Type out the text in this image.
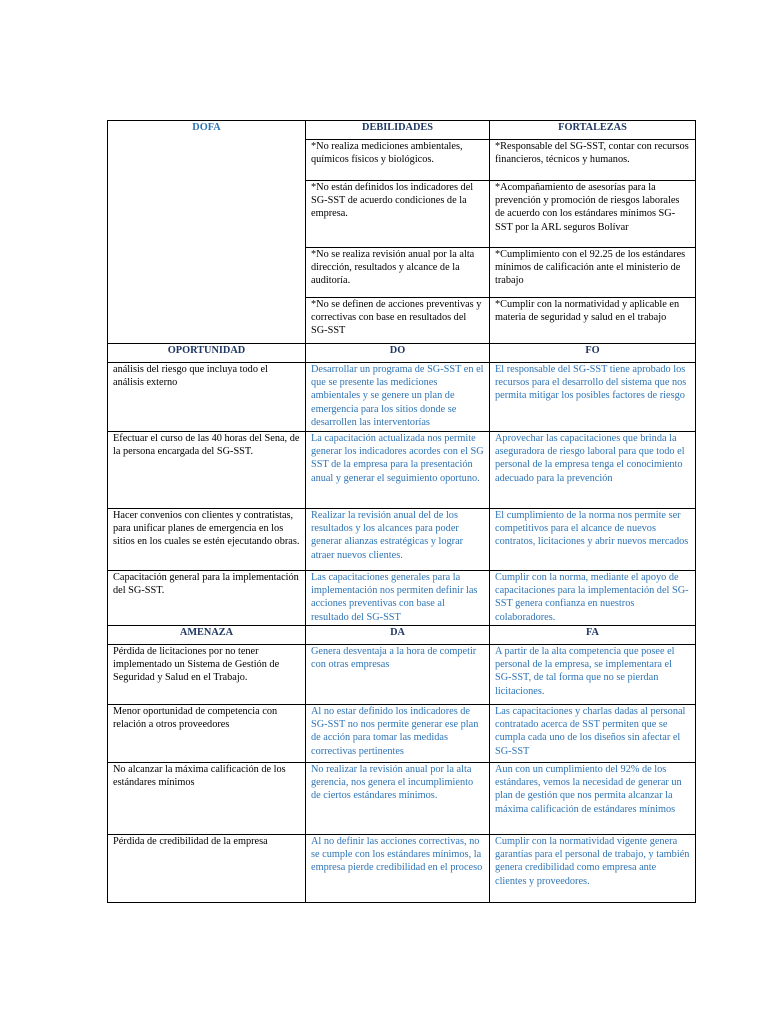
DOFA	DEBILIDADES	FORTALEZAS
	*No realiza mediciones ambientales, químicos físicos y biológicos.	*Responsable del SG-SST, contar con recursos financieros, técnicos y humanos.
	*No están definidos los indicadores del SG-SST de acuerdo condiciones de la empresa.	*Acompañamiento de asesorías para la prevención y promoción de riesgos laborales de acuerdo con los estándares mínimos SG-SST por la ARL seguros Bolívar
	*No se realiza revisión anual por la alta dirección, resultados y alcance de la auditoría.	*Cumplimiento con el 92.25 de los estándares mínimos de calificación ante el ministerio de trabajo
	*No se definen de acciones preventivas y correctivas con base en resultados del SG-SST	*Cumplir con la normatividad y aplicable en materia de seguridad y salud en el trabajo
OPORTUNIDAD	DO	FO
análisis del riesgo que incluya todo el análisis externo	Desarrollar un programa de SG-SST en el que se presente las mediciones ambientales y se genere un plan de emergencia para los sitios donde se desarrollen las interventorías	El responsable del SG-SST tiene aprobado los recursos para el desarrollo del sistema que nos permita mitigar los posibles factores de riesgo
Efectuar el curso de las 40 horas del Sena, de la persona encargada del SG-SST.	La capacitación actualizada nos permite generar los indicadores acordes con el SG SST de la empresa para la presentación anual y generar el seguimiento oportuno.	Aprovechar las capacitaciones que brinda la aseguradora de riesgo laboral para que todo el personal de la empresa tenga el conocimiento adecuado para la prevención
Hacer convenios con clientes y contratistas, para unificar planes de emergencia en los sitios en los cuales se estén ejecutando obras.	Realizar la revisión anual del de los resultados y los alcances para poder generar alianzas estratégicas y lograr atraer nuevos clientes.	El cumplimiento de la norma nos permite ser competitivos para el alcance de nuevos contratos, licitaciones y abrir nuevos mercados
Capacitación general para la implementación del SG-SST.	Las capacitaciones generales para la implementación nos permiten definir las acciones preventivas con base al resultado del SG-SST	Cumplir con la norma, mediante el apoyo de capacitaciones para la implementación del SG-SST genera confianza en nuestros colaboradores.
AMENAZA	DA	FA
Pérdida de licitaciones por no tener implementado un Sistema de Gestión de Seguridad y Salud en el Trabajo.	Genera desventaja a la hora de competir con otras empresas	A partir de la alta competencia que posee el personal de la empresa, se implementara el SG-SST, de tal forma que no se pierdan licitaciones.
Menor oportunidad de competencia con relación a otros proveedores	Al no estar definido los indicadores de SG-SST no nos permite generar ese plan de acción para tomar las medidas correctivas pertinentes	Las capacitaciones y charlas dadas al personal contratado acerca de SST permiten que se cumpla cada uno de los diseños sin afectar el SG-SST
No alcanzar la máxima calificación de los estándares mínimos	No realizar la revisión anual por la alta gerencia, nos genera el incumplimiento de ciertos estándares mínimos.	Aun con un cumplimiento del 92% de los estándares, vemos la necesidad de generar un plan de gestión que nos permita alcanzar la máxima calificación de estándares mínimos
Pérdida de credibilidad de la empresa	Al no definir las acciones correctivas, no se cumple con los estándares mínimos, la empresa pierde credibilidad en el proceso	Cumplir con la normatividad vigente genera garantías para el personal de trabajo, y también genera credibilidad como empresa ante clientes y proveedores.
